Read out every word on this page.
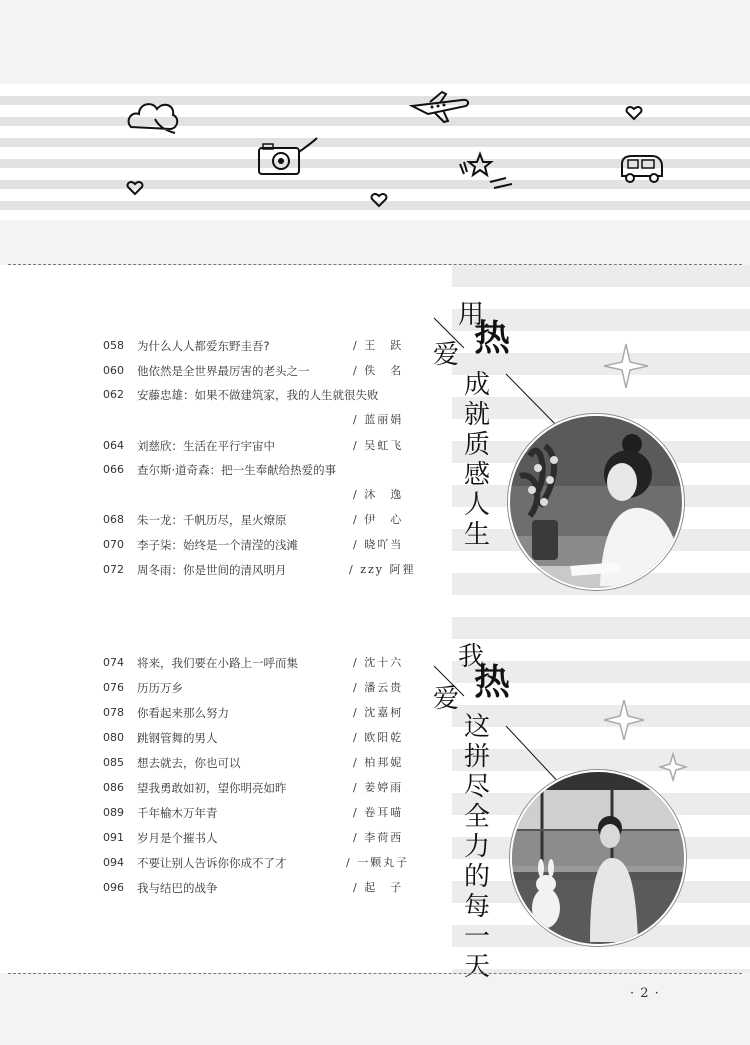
058 为什么人人都爱东野圭吾?	/ 王　跃
060 他依然是全世界最厉害的老头之一	/ 佚　名
062 安藤忠雄：如果不做建筑家，我的人生就很失败
/ 蓝丽娟
064 刘慈欣：生活在平行宇宙中	/ 吴虹飞
066 查尔斯·道奇森：把一生奉献给热爱的事
/ 沐　逸
068 朱一龙：千帆历尽，星火燎原	/ 伊　心
070 李子柒：始终是一个清滢的浅滩	/ 晓吖当
072 周冬雨：你是世间的清风明月	/ zzy 阿狸
074 将来，我们要在小路上一呼而集	/ 沈十六
076 历历万乡	/ 潘云贵
078 你看起来那么努力	/ 沈嘉柯
080 跳钢管舞的男人	/ 欧阳乾
085 想去就去，你也可以	/ 柏邦妮
086 望我勇敢如初，望你明亮如昨	/ 姜婷雨
089 千年榆木万年青	/ 卷耳喵
091 岁月是个摧书人	/ 李荷西
094 不要让别人告诉你你成不了才	/ 一颗丸子
096 我与结巴的战争	/ 起　子
用
爱 热
成
就
质
感
人
生
我
爱 热
这
拼
尽
全
力
的
每
一
天
· 2 ·
